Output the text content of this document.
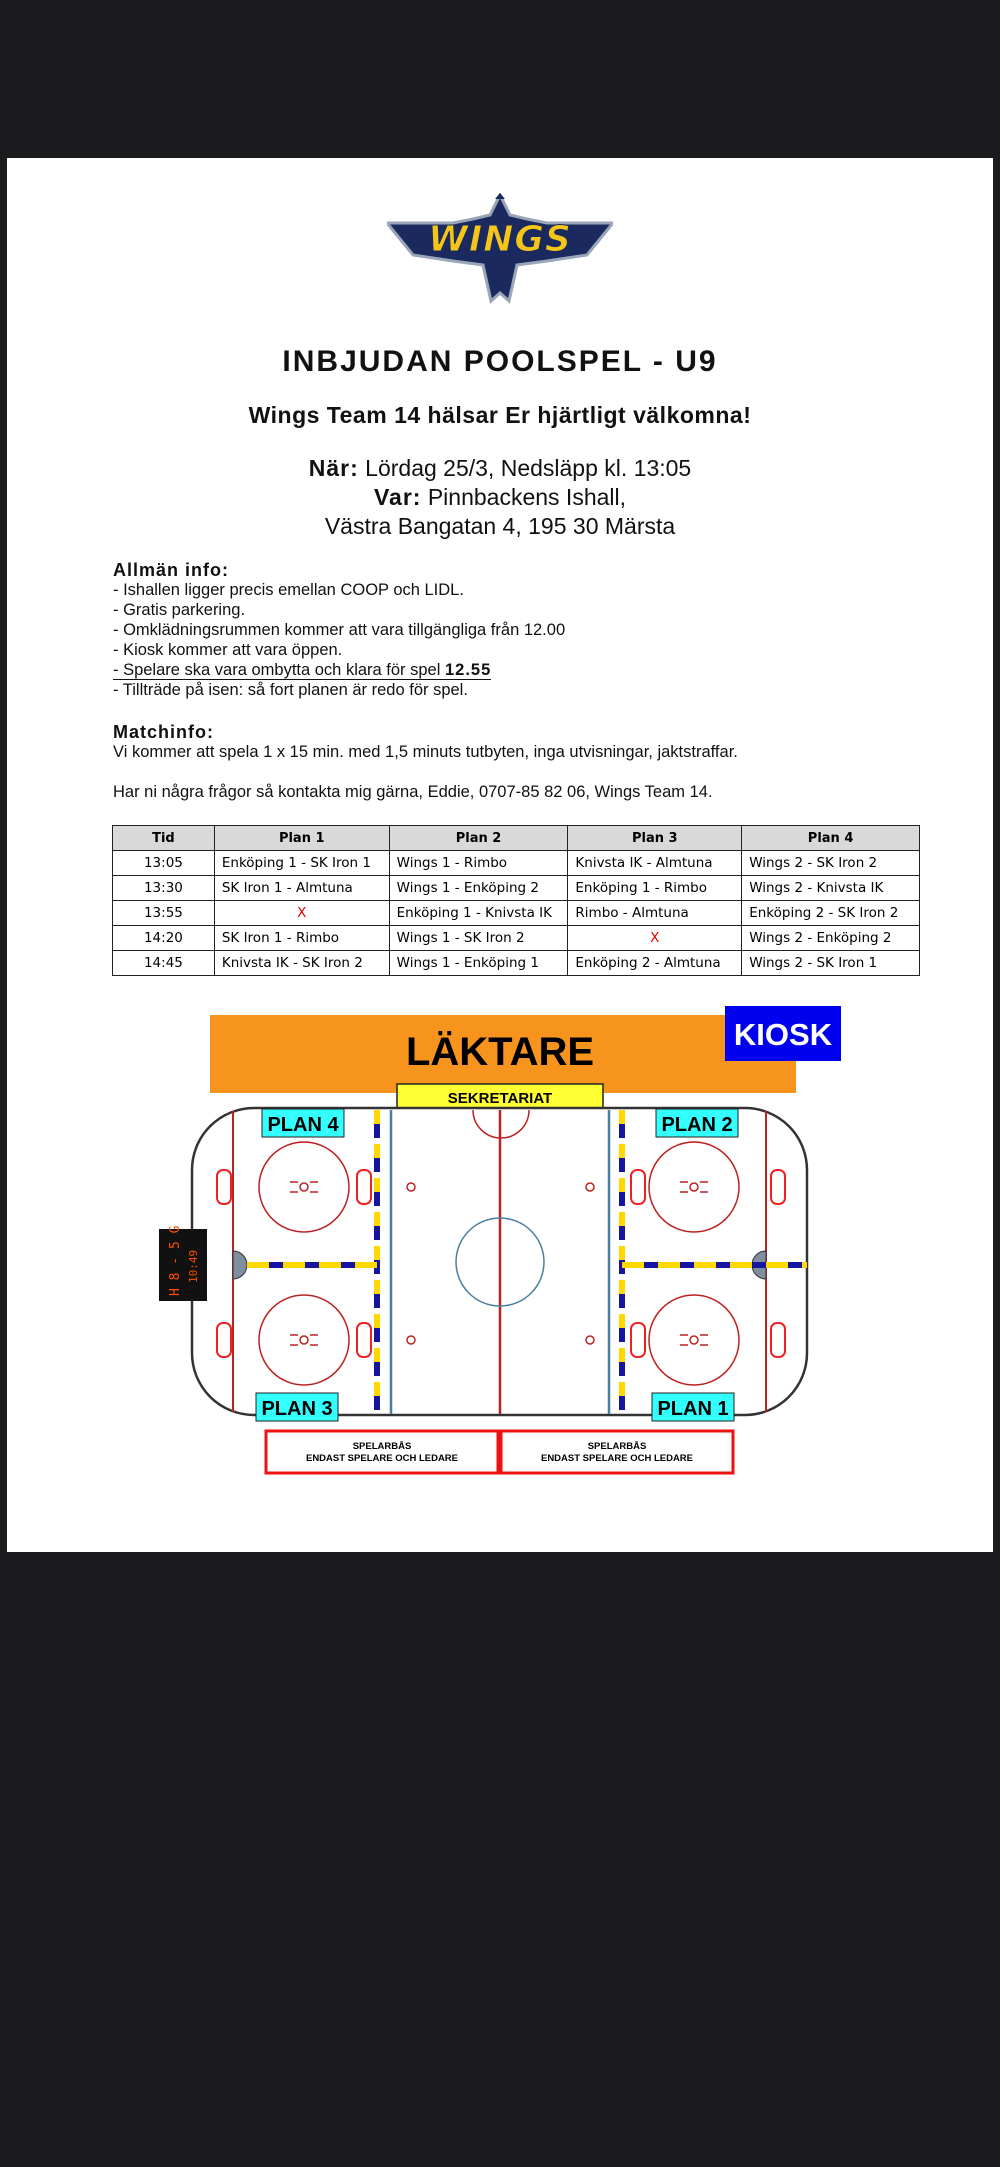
WINGS
INBJUDAN POOLSPEL - U9
Wings Team 14 hälsar Er hjärtligt välkomna!
När: Lördag 25/3, Nedsläpp kl. 13:05
Var: Pinnbackens Ishall,
Västra Bangatan 4, 195 30 Märsta
Allmän info:
- Ishallen ligger precis emellan COOP och LIDL.
- Gratis parkering.
- Omklädningsrummen kommer att vara tillgängliga från 12.00
- Kiosk kommer att vara öppen.
- Spelare ska vara ombytta och klara för spel 12.55
- Tillträde på isen: så fort planen är redo för spel.
Matchinfo:
Vi kommer att spela 1 x 15 min. med 1,5 minuts tutbyten, inga utvisningar, jaktstraffar.
Har ni några frågor så kontakta mig gärna, Eddie, 0707-85 82 06, Wings Team 14.
Tid	Plan 1	Plan 2	Plan 3	Plan 4
13:05	Enköping 1 - SK Iron 1	Wings 1 - Rimbo	Knivsta IK - Almtuna	Wings 2 - SK Iron 2
13:30	SK Iron 1 - Almtuna	Wings 1 - Enköping 2	Enköping 1 - Rimbo	Wings 2 - Knivsta IK
13:55	X	Enköping 1 - Knivsta IK	Rimbo - Almtuna	Enköping 2 - SK Iron 2
14:20	SK Iron 1 - Rimbo	Wings 1 - SK Iron 2	X	Wings 2 - Enköping 2
14:45	Knivsta IK - SK Iron 2	Wings 1 - Enköping 1	Enköping 2 - Almtuna	Wings 2 - SK Iron 1
LÄKTARE	KIOSK
SEKRETARIAT
PLAN 4	PLAN 2
PLAN 3	PLAN 1
H 8 - 5 G 10:49
SPELARBÅS
ENDAST SPELARE OCH LEDARE
SPELARBÅS
ENDAST SPELARE OCH LEDARE
